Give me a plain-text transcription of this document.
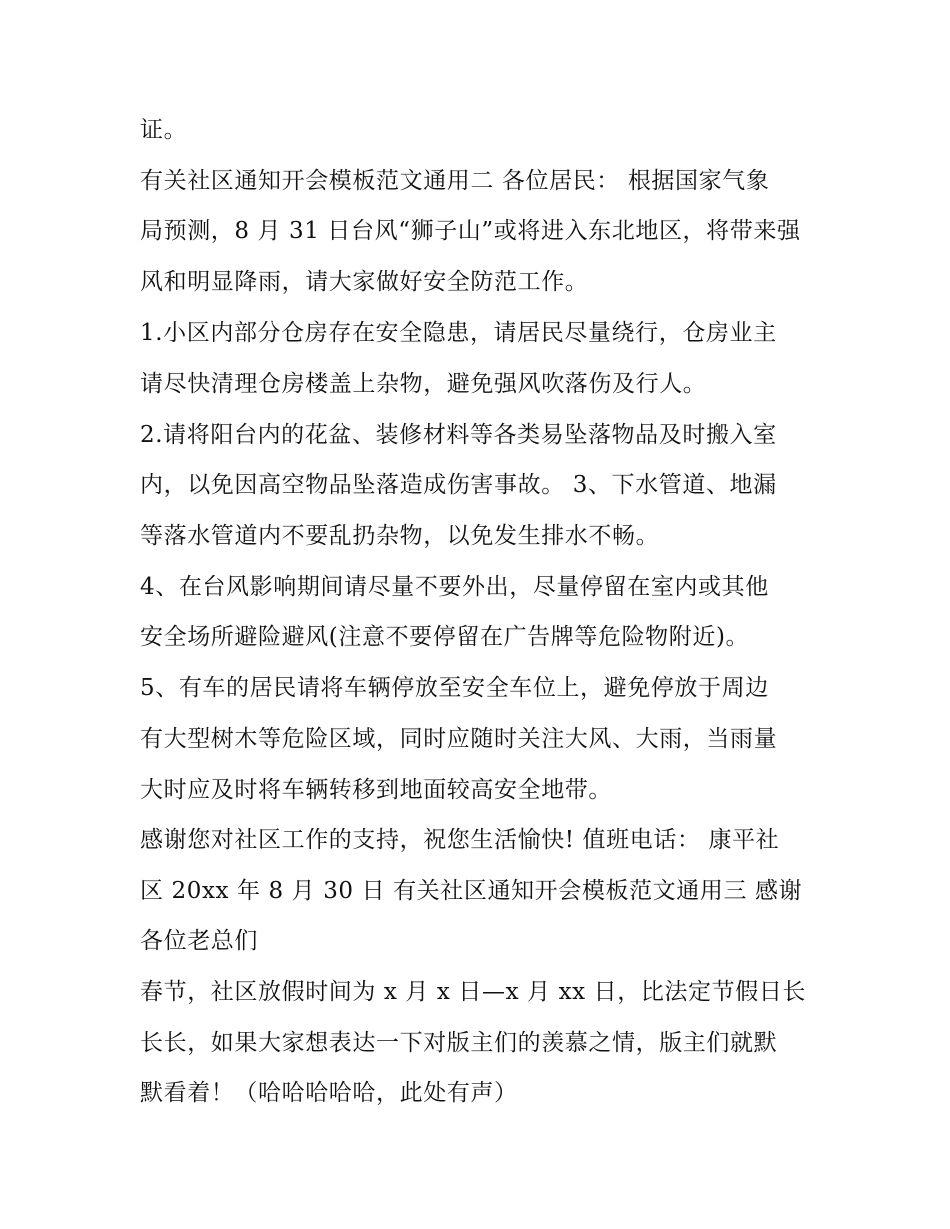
证。
有关社区通知开会模板范文通用二 各位居民： 根据国家气象
局预测，8 月 31 日台风“狮子山”或将进入东北地区，将带来强
风和明显降雨，请大家做好安全防范工作。
1.小区内部分仓房存在安全隐患，请居民尽量绕行，仓房业主
请尽快清理仓房楼盖上杂物，避免强风吹落伤及行人。
2.请将阳台内的花盆、装修材料等各类易坠落物品及时搬入室
内，以免因高空物品坠落造成伤害事故。 3、下水管道、地漏
等落水管道内不要乱扔杂物，以免发生排水不畅。
4、在台风影响期间请尽量不要外出，尽量停留在室内或其他
安全场所避险避风(注意不要停留在广告牌等危险物附近)。
5、有车的居民请将车辆停放至安全车位上，避免停放于周边
有大型树木等危险区域，同时应随时关注大风、大雨，当雨量
大时应及时将车辆转移到地面较高安全地带。
感谢您对社区工作的支持，祝您生活愉快! 值班电话： 康平社
区 20xx 年 8 月 30 日 有关社区通知开会模板范文通用三 感谢
各位老总们
春节，社区放假时间为 x 月 x 日—x 月 xx 日，比法定节假日长
长长，如果大家想表达一下对版主们的羡慕之情，版主们就默
默看着！（哈哈哈哈哈，此处有声）
